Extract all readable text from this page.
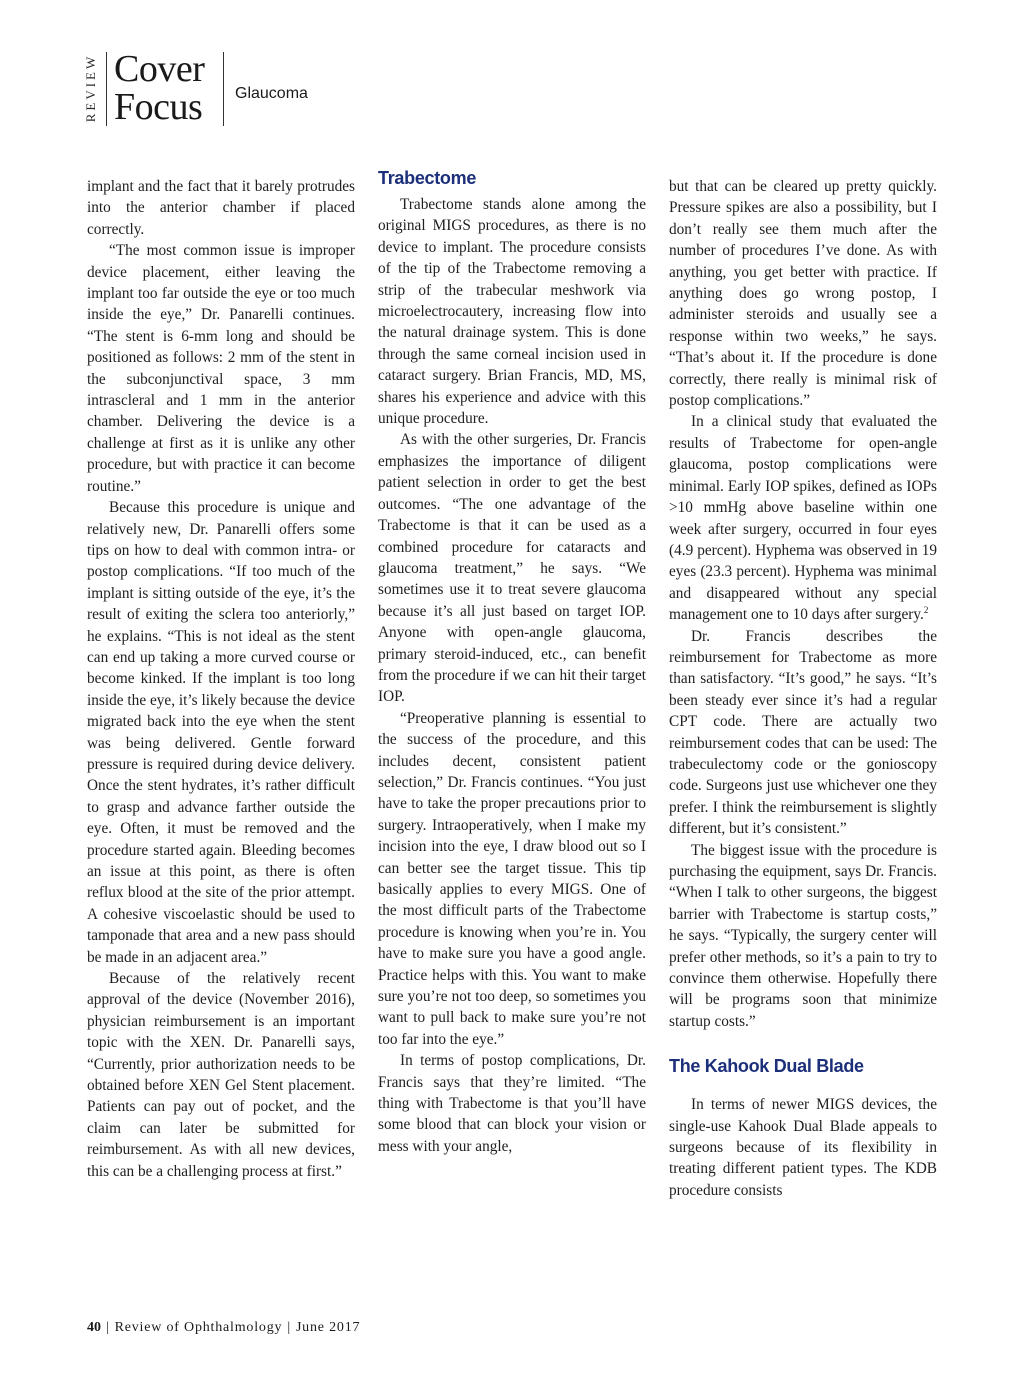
REVIEW Cover
Focus Glaucoma

implant and the fact that it barely protrudes into the anterior chamber if placed correctly.

“The most common issue is improper device placement, either leaving the implant too far outside the eye or too much inside the eye,” Dr. Panarelli continues. “The stent is 6-mm long and should be positioned as follows: 2 mm of the stent in the subconjunctival space, 3 mm intrascleral and 1 mm in the anterior chamber. Delivering the device is a challenge at first as it is unlike any other procedure, but with practice it can become routine.”

Because this procedure is unique and relatively new, Dr. Panarelli offers some tips on how to deal with common intra- or postop complications. “If too much of the implant is sitting outside of the eye, it’s the result of exiting the sclera too anteriorly,” he explains. “This is not ideal as the stent can end up taking a more curved course or become kinked. If the implant is too long inside the eye, it’s likely because the device migrated back into the eye when the stent was being delivered. Gentle forward pressure is required during device delivery. Once the stent hydrates, it’s rather difficult to grasp and advance farther outside the eye. Often, it must be removed and the procedure started again. Bleeding becomes an issue at this point, as there is often reflux blood at the site of the prior attempt. A cohesive viscoelastic should be used to tamponade that area and a new pass should be made in an adjacent area.”

Because of the relatively recent approval of the device (November 2016), physician reimbursement is an important topic with the XEN. Dr. Panarelli says, “Currently, prior authorization needs to be obtained before XEN Gel Stent placement. Patients can pay out of pocket, and the claim can later be submitted for reimbursement. As with all new devices, this can be a challenging process at first.”

Trabectome

Trabectome stands alone among the original MIGS procedures, as there is no device to implant. The procedure consists of the tip of the Trabectome removing a strip of the trabecular meshwork via microelectrocautery, increasing flow into the natural drainage system. This is done through the same corneal incision used in cataract surgery. Brian Francis, MD, MS, shares his experience and advice with this unique procedure.

As with the other surgeries, Dr. Francis emphasizes the importance of diligent patient selection in order to get the best outcomes. “The one advantage of the Trabectome is that it can be used as a combined procedure for cataracts and glaucoma treatment,” he says. “We sometimes use it to treat severe glaucoma because it’s all just based on target IOP. Anyone with open-angle glaucoma, primary steroid-induced, etc., can benefit from the procedure if we can hit their target IOP.

“Preoperative planning is essential to the success of the procedure, and this includes decent, consistent patient selection,” Dr. Francis continues. “You just have to take the proper precautions prior to surgery. Intraoperatively, when I make my incision into the eye, I draw blood out so I can better see the target tissue. This tip basically applies to every MIGS. One of the most difficult parts of the Trabectome procedure is knowing when you’re in. You have to make sure you have a good angle. Practice helps with this. You want to make sure you’re not too deep, so sometimes you want to pull back to make sure you’re not too far into the eye.”

In terms of postop complications, Dr. Francis says that they’re limited. “The thing with Trabectome is that you’ll have some blood that can block your vision or mess with your angle,

but that can be cleared up pretty quickly. Pressure spikes are also a possibility, but I don’t really see them much after the number of procedures I’ve done. As with anything, you get better with practice. If anything does go wrong postop, I administer steroids and usually see a response within two weeks,” he says. “That’s about it. If the procedure is done correctly, there really is minimal risk of postop complications.”

In a clinical study that evaluated the results of Trabectome for open-angle glaucoma, postop complications were minimal. Early IOP spikes, defined as IOPs >10 mmHg above baseline within one week after surgery, occurred in four eyes (4.9 percent). Hyphema was observed in 19 eyes (23.3 percent). Hyphema was minimal and disappeared without any special management one to 10 days after surgery.$^2$

Dr. Francis describes the reimbursement for Trabectome as more than satisfactory. “It’s good,” he says. “It’s been steady ever since it’s had a regular CPT code. There are actually two reimbursement codes that can be used: The trabeculectomy code or the gonioscopy code. Surgeons just use whichever one they prefer. I think the reimbursement is slightly different, but it’s consistent.”

The biggest issue with the procedure is purchasing the equipment, says Dr. Francis. “When I talk to other surgeons, the biggest barrier with Trabectome is startup costs,” he says. “Typically, the surgery center will prefer other methods, so it’s a pain to try to convince them otherwise. Hopefully there will be programs soon that minimize startup costs.”

The Kahook Dual Blade

In terms of newer MIGS devices, the single-use Kahook Dual Blade appeals to surgeons because of its flexibility in treating different patient types. The KDB procedure consists

40 | Review of Ophthalmology | June 2017
